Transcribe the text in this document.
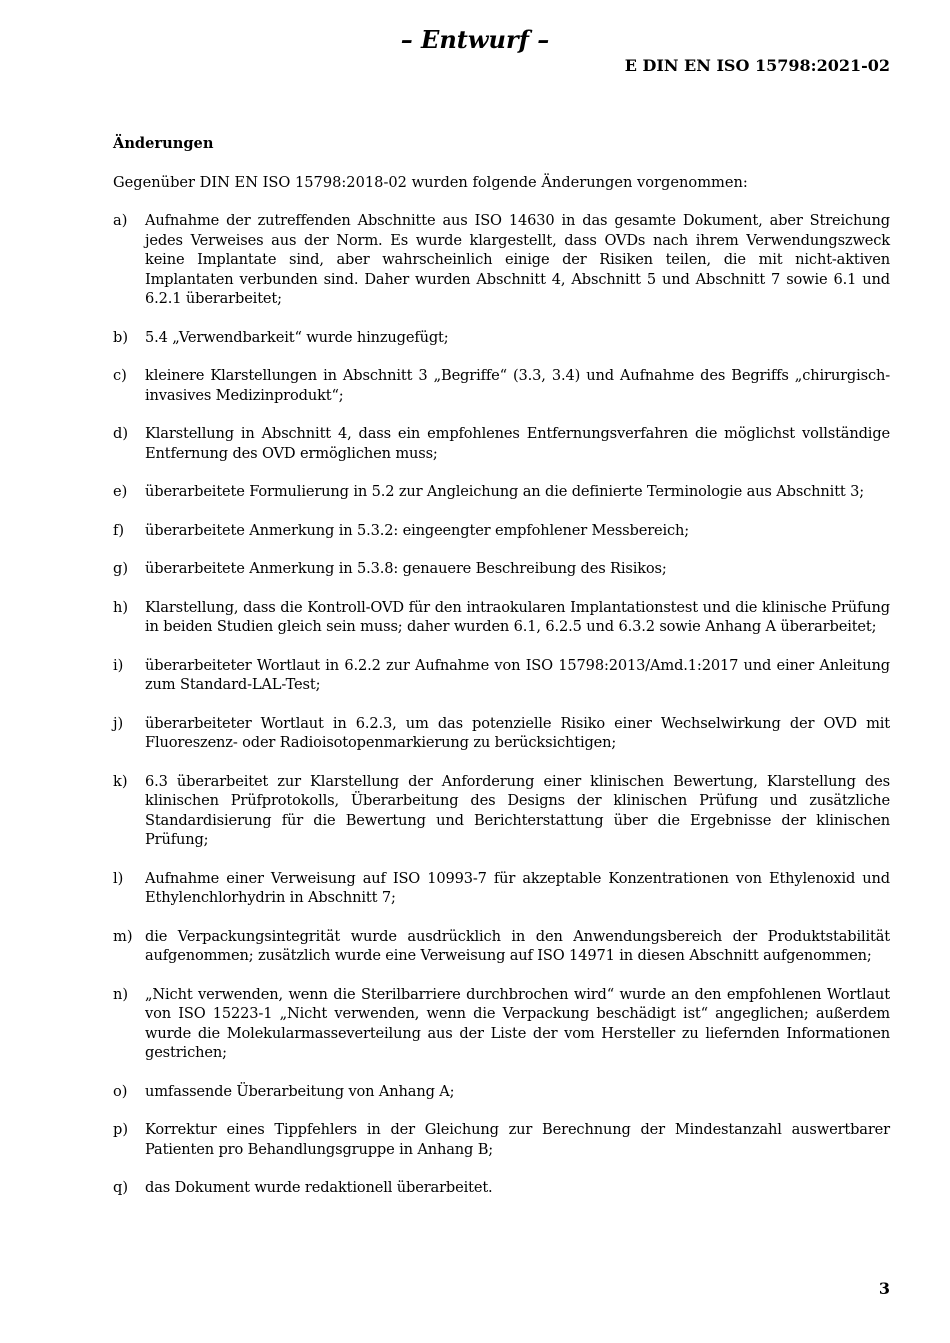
– Entwurf –
E DIN EN ISO 15798:2021-02

Änderungen

Gegenüber DIN EN ISO 15798:2018-02 wurden folgende Änderungen vorgenommen:

a)	Aufnahme der zutreffenden Abschnitte aus ISO 14630 in das gesamte Dokument, aber Streichung jedes Verweises aus der Norm. Es wurde klargestellt, dass OVDs nach ihrem Verwendungszweck keine Implantate sind, aber wahrscheinlich einige der Risiken teilen, die mit nicht-aktiven Implantaten verbunden sind. Daher wurden Abschnitt 4, Abschnitt 5 und Abschnitt 7 sowie 6.1 und 6.2.1 überarbeitet;
b)	5.4 „Verwendbarkeit“ wurde hinzugefügt;
c)	kleinere Klarstellungen in Abschnitt 3 „Begriffe“ (3.3, 3.4) und Aufnahme des Begriffs „chirurgisch-invasives Medizinprodukt“;
d)	Klarstellung in Abschnitt 4, dass ein empfohlenes Entfernungsverfahren die möglichst vollständige Entfernung des OVD ermöglichen muss;
e)	überarbeitete Formulierung in 5.2 zur Angleichung an die definierte Terminologie aus Abschnitt 3;
f)	überarbeitete Anmerkung in 5.3.2: eingeengter empfohlener Messbereich;
g)	überarbeitete Anmerkung in 5.3.8: genauere Beschreibung des Risikos;
h)	Klarstellung, dass die Kontroll-OVD für den intraokularen Implantationstest und die klinische Prüfung in beiden Studien gleich sein muss; daher wurden 6.1, 6.2.5 und 6.3.2 sowie Anhang A überarbeitet;
i)	überarbeiteter Wortlaut in 6.2.2 zur Aufnahme von ISO 15798:2013/Amd.1:2017 und einer Anleitung zum Standard-LAL-Test;
j)	überarbeiteter Wortlaut in 6.2.3, um das potenzielle Risiko einer Wechselwirkung der OVD mit Fluoreszenz- oder Radioisotopenmarkierung zu berücksichtigen;
k)	6.3 überarbeitet zur Klarstellung der Anforderung einer klinischen Bewertung, Klarstellung des klinischen Prüfprotokolls, Überarbeitung des Designs der klinischen Prüfung und zusätzliche Standardisierung für die Bewertung und Berichterstattung über die Ergebnisse der klinischen Prüfung;
l)	Aufnahme einer Verweisung auf ISO 10993-7 für akzeptable Konzentrationen von Ethylenoxid und Ethylenchlorhydrin in Abschnitt 7;
m) die Verpackungsintegrität wurde ausdrücklich in den Anwendungsbereich der Produktstabilität aufgenommen; zusätzlich wurde eine Verweisung auf ISO 14971 in diesen Abschnitt aufgenommen;
n)	„Nicht verwenden, wenn die Sterilbarriere durchbrochen wird“ wurde an den empfohlenen Wortlaut von ISO 15223-1 „Nicht verwenden, wenn die Verpackung beschädigt ist“ angeglichen; außerdem wurde die Molekularmasseverteilung aus der Liste der vom Hersteller zu liefernden Informationen gestrichen;
o)	umfassende Überarbeitung von Anhang A;
p)	Korrektur eines Tippfehlers in der Gleichung zur Berechnung der Mindestanzahl auswertbarer Patienten pro Behandlungsgruppe in Anhang B;
q)	das Dokument wurde redaktionell überarbeitet.
3
